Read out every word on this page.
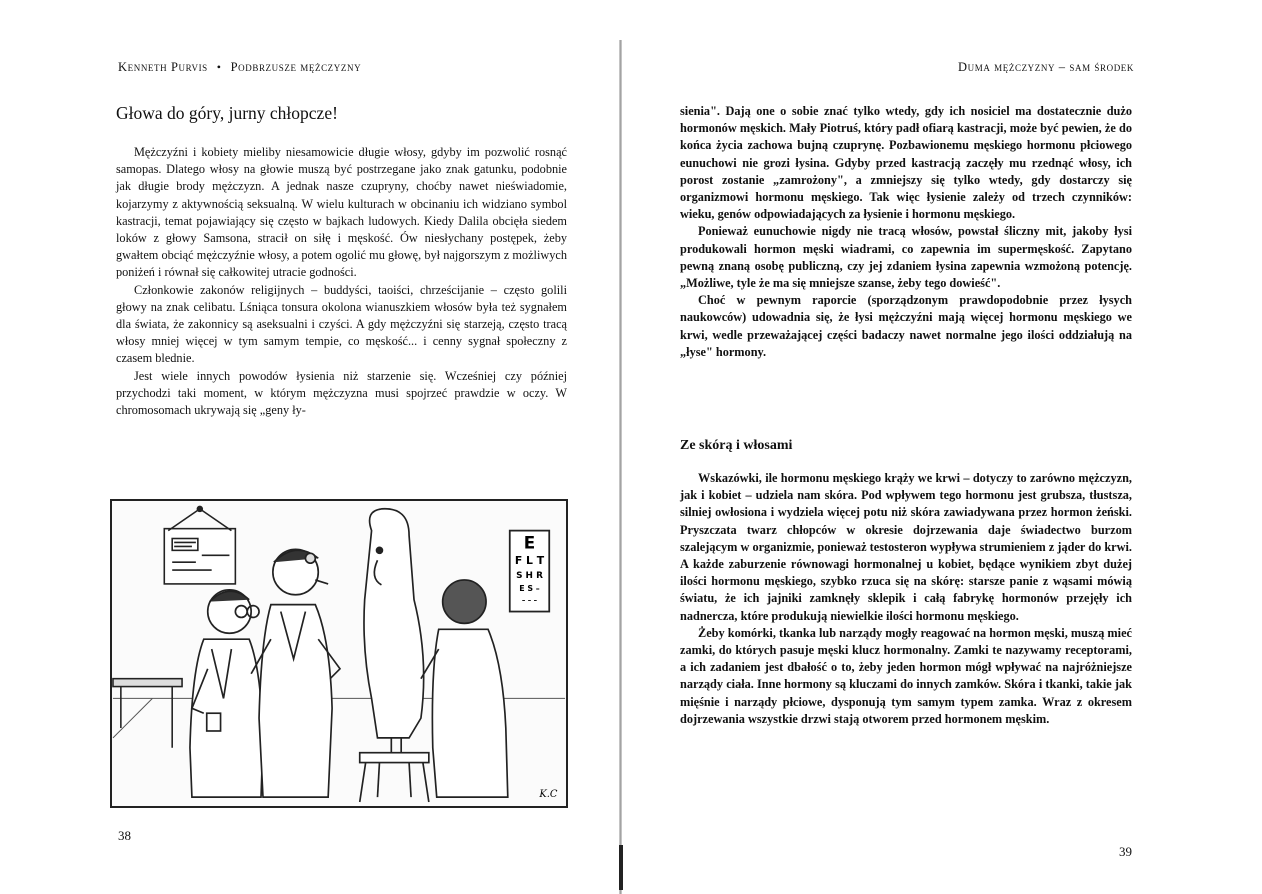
Kenneth Purvis • Podbrzusze mężczyzny
Głowa do góry, jurny chłopcze!

Mężczyźni i kobiety mieliby niesamowicie długie włosy, gdyby im pozwolić rosnąć samopas. Dlatego włosy na głowie muszą być postrzegane jako znak gatunku, podobnie jak długie brody mężczyzn. A jednak nasze czupryny, choćby nawet nieświadomie, kojarzymy z aktywnością seksualną. W wielu kulturach w obcinaniu ich widziano symbol kastracji, temat pojawiający się często w bajkach ludowych. Kiedy Dalila obcięła siedem loków z głowy Samsona, stracił on siłę i męskość. Ów niesłychany postępek, żeby gwałtem obciąć mężczyźnie włosy, a potem ogolić mu głowę, był najgorszym z możliwych poniżeń i równał się całkowitej utracie godności.

Członkowie zakonów religijnych – buddyści, taoiści, chrześcijanie – często golili głowy na znak celibatu. Lśniąca tonsura okolona wianuszkiem włosów była też sygnałem dla świata, że zakonnicy są aseksualni i czyści. A gdy mężczyźni się starzeją, często tracą włosy mniej więcej w tym samym tempie, co męskość... i cenny sygnał społeczny z czasem blednie.

Jest wiele innych powodów łysienia niż starzenie się. Wcześniej czy później przychodzi taki moment, w którym mężczyzna musi spojrzeć prawdzie w oczy. W chromosomach ukrywają się „geny ły-

E
F L T
S H R
E S –
– – –
K.C
38
Duma mężczyzny – sam środek

sienia". Dają one o sobie znać tylko wtedy, gdy ich nosiciel ma dostatecznie dużo hormonów męskich. Mały Piotruś, który padł ofiarą kastracji, może być pewien, że do końca życia zachowa bujną czuprynę. Pozbawionemu męskiego hormonu płciowego eunuchowi nie grozi łysina. Gdyby przed kastracją zaczęły mu rzednąć włosy, ich porost zostanie „zamrożony", a zmniejszy się tylko wtedy, gdy dostarczy się organizmowi hormonu męskiego. Tak więc łysienie zależy od trzech czynników: wieku, genów odpowiadających za łysienie i hormonu męskiego.

Ponieważ eunuchowie nigdy nie tracą włosów, powstał śliczny mit, jakoby łysi produkowali hormon męski wiadrami, co zapewnia im supermęskość. Zapytano pewną znaną osobę publiczną, czy jej zdaniem łysina zapewnia wzmożoną potencję. „Możliwe, tyle że ma się mniejsze szanse, żeby tego dowieść".

Choć w pewnym raporcie (sporządzonym prawdopodobnie przez łysych naukowców) udowadnia się, że łysi mężczyźni mają więcej hormonu męskiego we krwi, wedle przeważającej części badaczy nawet normalne jego ilości oddziałują na „łyse" hormony.

Ze skórą i włosami

Wskazówki, ile hormonu męskiego krąży we krwi – dotyczy to zarówno mężczyzn, jak i kobiet – udziela nam skóra. Pod wpływem tego hormonu jest grubsza, tłustsza, silniej owłosiona i wydziela więcej potu niż skóra zawiadywana przez hormon żeński. Pryszczata twarz chłopców w okresie dojrzewania daje świadectwo burzom szalejącym w organizmie, ponieważ testosteron wypływa strumieniem z jąder do krwi. A każde zaburzenie równowagi hormonalnej u kobiet, będące wynikiem zbyt dużej ilości hormonu męskiego, szybko rzuca się na skórę: starsze panie z wąsami mówią światu, że ich jajniki zamknęły sklepik i całą fabrykę hormonów przejęły ich nadnercza, które produkują niewielkie ilości hormonu męskiego.

Żeby komórki, tkanka lub narządy mogły reagować na hormon męski, muszą mieć zamki, do których pasuje męski klucz hormonalny. Zamki te nazywamy receptorami, a ich zadaniem jest dbałość o to, żeby jeden hormon mógł wpływać na najróżniejsze narządy ciała. Inne hormony są kluczami do innych zamków. Skóra i tkanki, takie jak mięśnie i narządy płciowe, dysponują tym samym typem zamka. Wraz z okresem dojrzewania wszystkie drzwi stają otworem przed hormonem męskim.

39
